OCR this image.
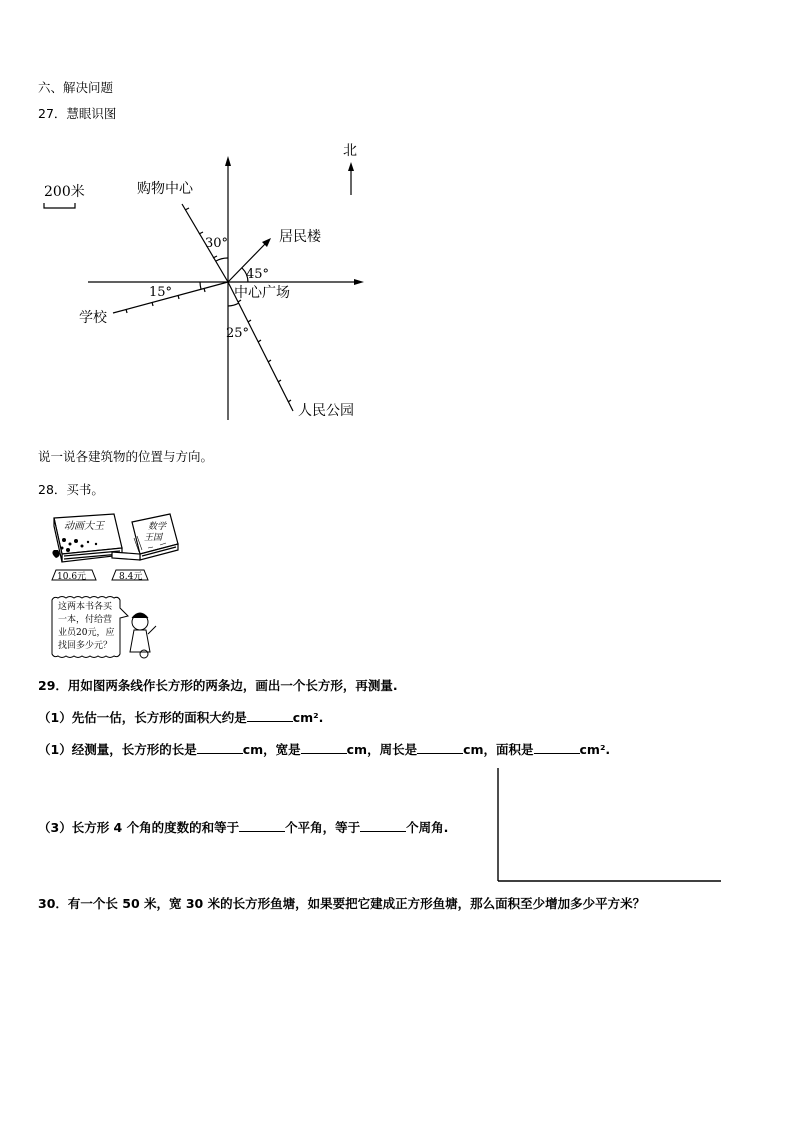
六、解决问题
27．慧眼识图
北
200米	购物中心
居民楼
中心广场
学校
人民公园
30°
45°
15°
25°
说一说各建筑物的位置与方向。
28．买书。
动画大王	数学
王国
10.6元	8.4元
这两本书各买
一本，付给营
业员20元，应
找回多少元？
29．用如图两条线作长方形的两条边，画出一个长方形，再测量.
（1）先估一估，长方形的面积大约是	cm².
（1）经测量，长方形的长是	cm，宽是	cm，周长是	cm，面积是	cm².
（3）长方形 4 个角的度数的和等于	个平角，等于	个周角.
30．有一个长 50 米，宽 30 米的长方形鱼塘，如果要把它建成正方形鱼塘，那么面积至少增加多少平方米？
